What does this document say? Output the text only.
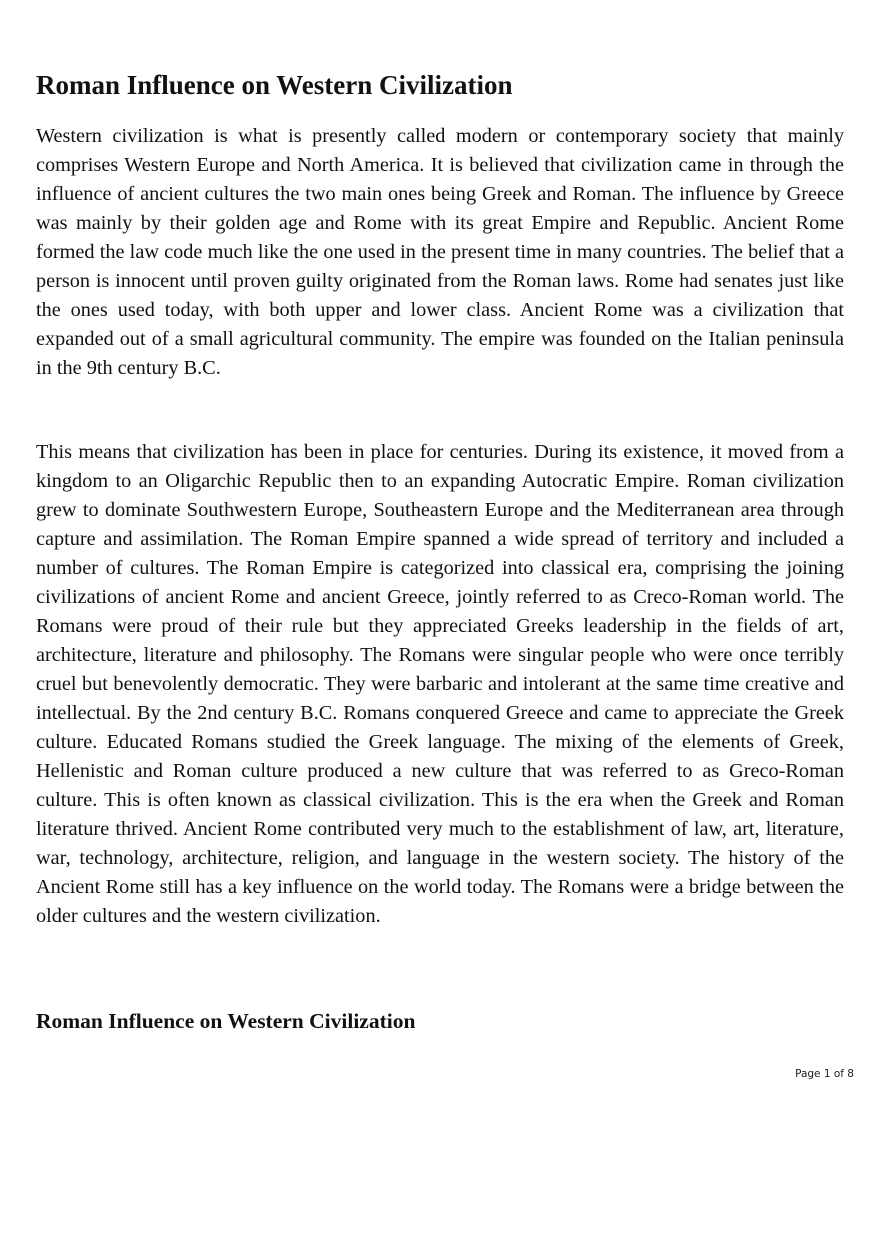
Roman Influence on Western Civilization

Western civilization is what is presently called modern or contemporary society that mainly comprises Western Europe and North America. It is believed that civilization came in through the influence of ancient cultures the two main ones being Greek and Roman. The influence by Greece was mainly by their golden age and Rome with its great Empire and Republic. Ancient Rome formed the law code much like the one used in the present time in many countries. The belief that a person is innocent until proven guilty originated from the Roman laws. Rome had senates just like the ones used today, with both upper and lower class. Ancient Rome was a civilization that expanded out of a small agricultural community. The empire was founded on the Italian peninsula in the 9th century B.C.

This means that civilization has been in place for centuries. During its existence, it moved from a kingdom to an Oligarchic Republic then to an expanding Autocratic Empire. Roman civilization grew to dominate Southwestern Europe, Southeastern Europe and the Mediterranean area through capture and assimilation. The Roman Empire spanned a wide spread of territory and included a number of cultures. The Roman Empire is categorized into classical era, comprising the joining civilizations of ancient Rome and ancient Greece, jointly referred to as Creco-Roman world. The Romans were proud of their rule but they appreciated Greeks leadership in the fields of art, architecture, literature and philosophy. The Romans were singular people who were once terribly cruel but benevolently democratic. They were barbaric and intolerant at the same time creative and intellectual. By the 2nd century B.C. Romans conquered Greece and came to appreciate the Greek culture. Educated Romans studied the Greek language. The mixing of the elements of Greek, Hellenistic and Roman culture produced a new culture that was referred to as Greco-Roman culture. This is often known as classical civilization. This is the era when the Greek and Roman literature thrived. Ancient Rome contributed very much to the establishment of law, art, literature, war, technology, architecture, religion, and language in the western society. The history of the Ancient Rome still has a key influence on the world today. The Romans were a bridge between the older cultures and the western civilization.

Roman Influence on Western Civilization
Page 1 of 8
